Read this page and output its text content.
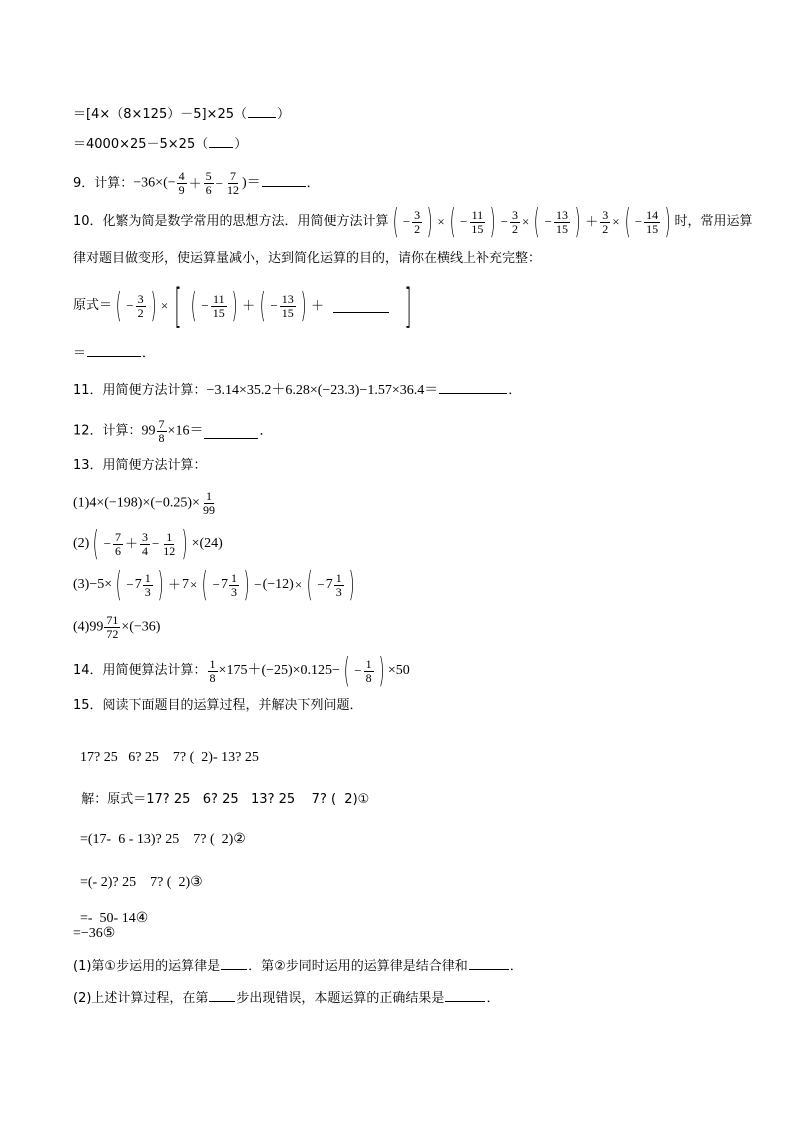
＝[4×（8×125）－5]×25（ ）
＝4000×25－5×25（ ）
9．计算：$-36\times(- \frac{4}{9} + \frac{5}{6} - \frac{7}{12}$ )＝	．
10．化繁为简是数学常用的思想方法．用简便方法计算 ( − $\frac{3}{2}$ ) × ( − $\frac{11}{15}$ ) − $\frac{3}{2}$ × ( − $\frac{13}{15}$ ) ＋ $\frac{3}{2}$ × ( − $\frac{14}{15}$ ) 时，常用运算
律对题目做变形，使运算量减小，达到简化运算的目的，请你在横线上补充完整：
原式＝ ( − $\frac{3}{2}$ ) × [ ( − $\frac{11}{15}$ ) ＋ ( − $\frac{13}{15}$ ) ＋ ]
＝	．
11．用简便方法计算：−3.14×35.2＋6.28×(−23.3)−1.57×36.4＝	．
12．计算：$99 \frac{7}{8} \times 16=$	．
13．用简便方法计算：
$(1)4\times(-198)\times(-0.25)\times \frac{1}{99}$
(2) ( − $\frac{7}{6} + \frac{3}{4} - \frac{1}{12}$ ) ×(24)
(3)−5× ( $-7 \frac{1}{3}$ ) ＋7× ( $-7 \frac{1}{3}$ ) −(−12)× ( $-7 \frac{1}{3}$ )
$(4)99 \frac{71}{72} \times(-36)$
14．用简便算法计算： $\frac{1}{8} \times 175+(-25)\times 0.125-$ ( − $\frac{1}{8}$ ) ×50
15．阅读下面题目的运算过程，并解决下列问题．

17? 25   6? 25    7? (  2)- 13? 25

解：原式＝17? 25   6? 25   13? 25    7? (  2)①

=(17-  6 - 13)? 25    7? (  2)②

=(- 2)? 25    7? (  2)③

=-  50- 14④

=−36⑤
(1)第①步运用的运算律是 ．第②步同时运用的运算律是结合律和	．
(2)上述计算过程，在第 步出现错误，本题运算的正确结果是	．
